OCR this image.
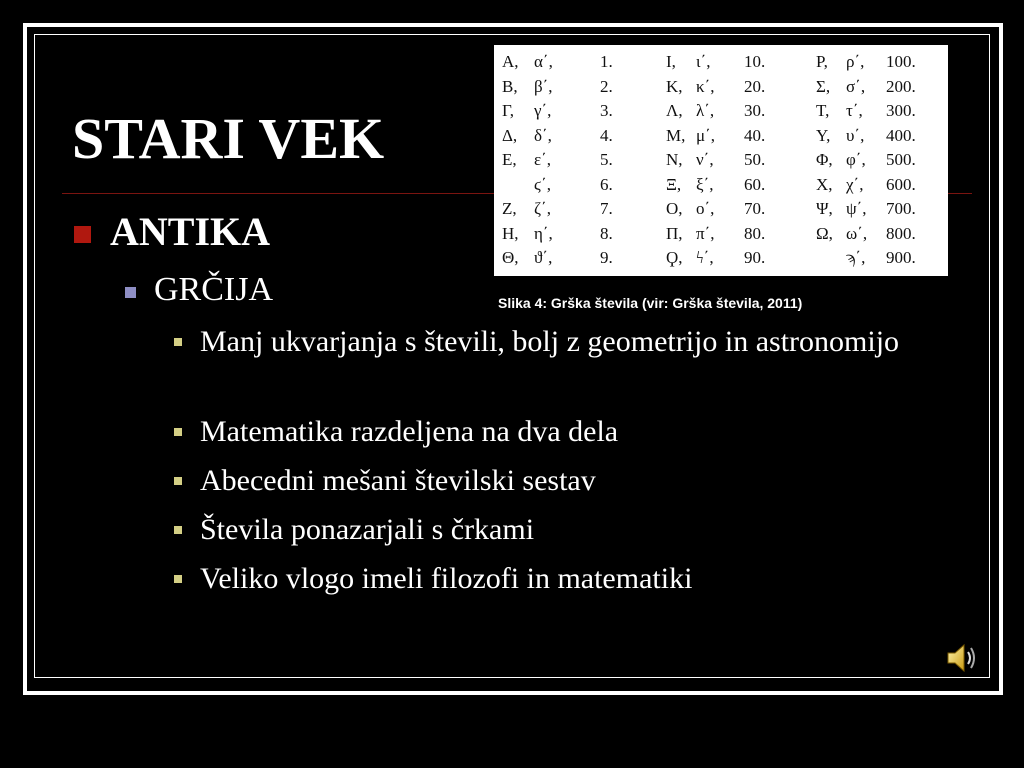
STARI VEK
ANTIKA
GRČIJA
Manj ukvarjanja s števili, bolj z geometrijo in astronomijo
Matematika razdeljena na dva dela
Abecedni mešani številski sestav
Števila ponazarjali s črkami
Veliko vlogo imeli filozofi in matematiki
Α, α΄,	1.	Ι, ι΄, 10.	Ρ, ρ΄, 100.
Β, β΄,	2.	Κ, κ΄, 20.	Σ, σ΄, 200.
Γ, γ΄,	3.	Λ, λ΄, 30.	Τ, τ΄, 300.
Δ, δ΄,	4.	Μ, μ΄, 40.	Υ, υ΄, 400.
Ε, ε΄,	5.	Ν, ν΄, 50.	Φ, φ΄, 500.
ϛ΄,	6.	Ξ, ξ΄, 60.	Χ, χ΄, 600.
Ζ, ζ΄,	7.	Ο, ο΄, 70.	Ψ, ψ΄, 700.
Η, η΄,	8.	Π, π΄, 80.	Ω, ω΄, 800.
Θ, ϑ΄,	9.	Ϙ, ϟ΄, 90.	ϡ΄, 900.
Slika 4: Grška števila (vir: Grška števila, 2011)
